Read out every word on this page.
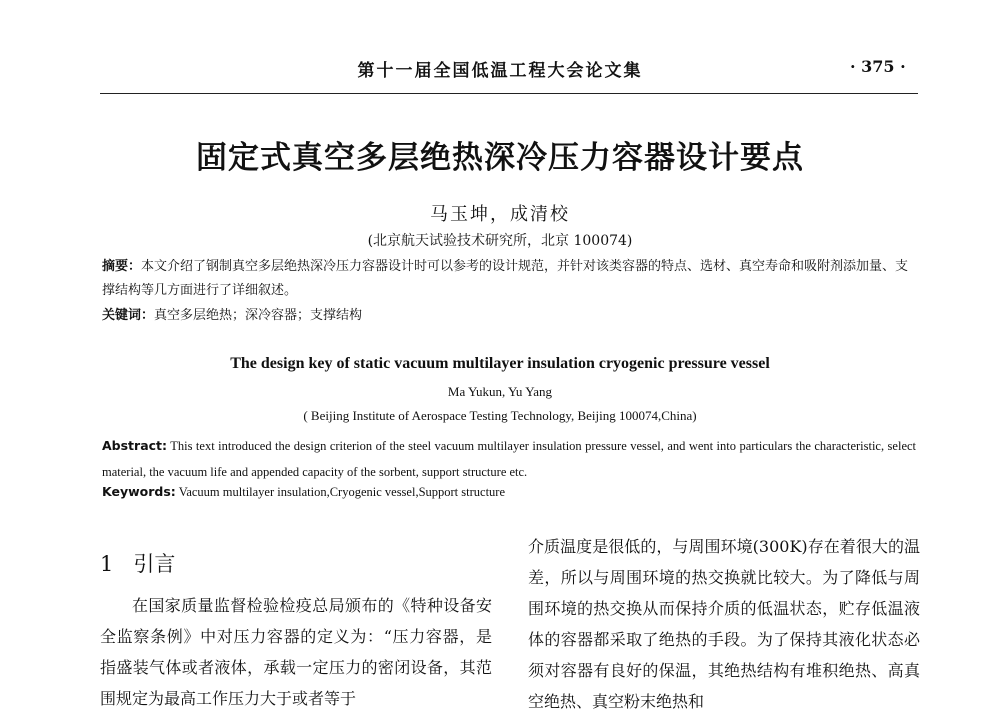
第十一届全国低温工程大会论文集	· 375 ·
固定式真空多层绝热深冷压力容器设计要点
马玉坤，成清校
(北京航天试验技术研究所，北京 100074)
摘要：本文介绍了钢制真空多层绝热深冷压力容器设计时可以参考的设计规范，并针对该类容器的特点、选材、真空寿命和吸附剂添加量、支撑结构等几方面进行了详细叙述。
关键词：真空多层绝热；深冷容器；支撑结构
The design key of static vacuum multilayer insulation cryogenic pressure vessel
Ma Yukun, Yu Yang
( Beijing Institute of Aerospace Testing Technology, Beijing 100074,China)
Abstract: This text introduced the design criterion of the steel vacuum multilayer insulation pressure vessel, and went into particulars the characteristic, select material, the vacuum life and appended capacity of the sorbent, support structure etc.
Keywords: Vacuum multilayer insulation,Cryogenic vessel,Support structure
1 引言
在国家质量监督检验检疫总局颁布的《特种设备安全监察条例》中对压力容器的定义为：“压力容器，是指盛装气体或者液体，承载一定压力的密闭设备，其范围规定为最高工作压力大于或者等于
介质温度是很低的，与周围环境(300K)存在着很大的温差，所以与周围环境的热交换就比较大。为了降低与周围环境的热交换从而保持介质的低温状态，贮存低温液体的容器都采取了绝热的手段。为了保持其液化状态必须对容器有良好的保温，其绝热结构有堆积绝热、高真空绝热、真空粉末绝热和
